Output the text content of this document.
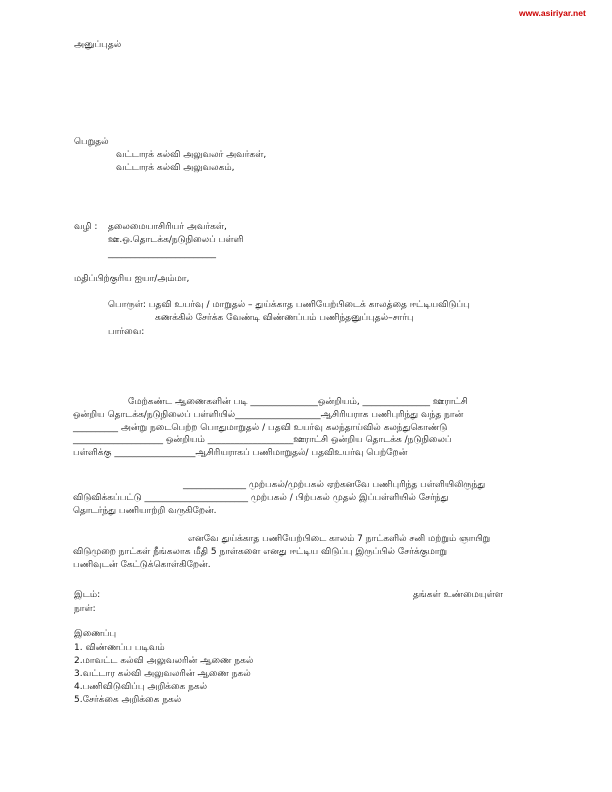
www.asiriyar.net
அனுப்புதல்
பெறுதல்
வட்டாரக் கல்வி அலுவலர் அவர்கள்,
வட்டாரக் கல்வி அலுவலகம்,
வழி : தலைமையாசிரியர் அவர்கள்,
ஊ.ஒ.தொடக்க/நடுநிலைப் பள்ளி
________________________
மதிப்பிற்குரிய ஐயா/அம்மா,
பொருள்: பதவி உயர்வு / மாறுதல் – துய்க்காத பணியேற்பிடைக் காலத்தை ஈட்டியவிடுப்பு
கணக்கில் சேர்க்க வேண்டி விண்ணப்பம் பணிந்தனுப்புதல்–சார்பு
பார்வை:
மேற்கண்ட ஆணைகளின் படி _______________ஒன்றியம், _______________ ஊராட்சி
ஒன்றிய தொடக்க/நடுநிலைப் பள்ளியில்___________________ஆசிரியராக பணிபுரிந்து வந்த நான்
__________ அன்று நடைபெற்ற பொதுமாறுதல் / பதவி உயர்வு கலந்தாய்வில் கலந்துகொண்டு
____________________ ஒன்றியம் ___________________ஊராட்சி ஒன்றிய தொடக்க /நடுநிலைப்
பள்ளிக்கு __________________ஆசிரியராகப் பணிமாறுதல்/ பதவிஉயர்வு பெற்றேன்
______________ முற்பகல்/முற்பகல் ஏற்கனவே பணிபுரிந்த பள்ளியிலிருந்து
விடுவிக்கப்பட்டு _______________________ முற்பகல் / பிற்பகல் முதல் இப்பள்ளியில் சேர்ந்து
தொடர்ந்து பணியாற்றி வருகிறேன்.
எனவே துய்க்காத பணியேற்பிடை காலம் 7 நாட்களில் சனி மற்றும் ஞாயிறு
விடுமுறை நாட்கள் நீங்கலாக மீதி 5 நாள்களை எனது ஈட்டிய விடுப்பு இருப்பில் சேர்க்குமாறு
பணிவுடன் கேட்டுக்கொள்கிறேன்.
இடம்:
நாள்:
தங்கள் உண்மையுள்ள
இணைப்பு
1. விண்ணப்ப படிவம்
2.மாவட்ட கல்வி அலுவலரின் ஆணை நகல்
3.வட்டார கல்வி அலுவலரின் ஆணை நகல்
4.பணிவிடுவிப்பு அறிக்கை நகல்
5.சேர்க்கை அறிக்கை நகல்
